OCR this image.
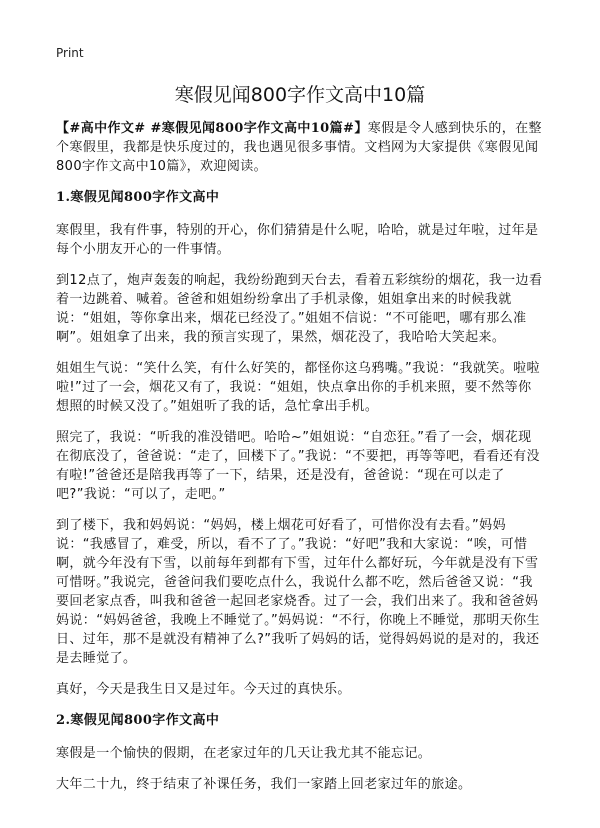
Print
寒假见闻800字作文高中10篇

【#高中作文# #寒假见闻800字作文高中10篇#】寒假是令人感到快乐的，在整个寒假里，我都是快乐度过的，我也遇见很多事情。文档网为大家提供《寒假见闻800字作文高中10篇》，欢迎阅读。

1.寒假见闻800字作文高中

寒假里，我有件事，特别的开心，你们猜猜是什么呢，哈哈，就是过年啦，过年是每个小朋友开心的一件事情。

到12点了，炮声轰轰的响起，我纷纷跑到天台去，看着五彩缤纷的烟花，我一边看着一边跳着、喊着。爸爸和姐姐纷纷拿出了手机录像，姐姐拿出来的时候我就说：“姐姐，等你拿出来，烟花已经没了。”姐姐不信说：“不可能吧，哪有那么准啊”。姐姐拿了出来，我的预言实现了，果然，烟花没了，我哈哈大笑起来。

姐姐生气说：“笑什么笑，有什么好笑的，都怪你这乌鸦嘴。”我说：“我就笑。啦啦啦!”过了一会，烟花又有了，我说：“姐姐，快点拿出你的手机来照，要不然等你想照的时候又没了。”姐姐听了我的话，急忙拿出手机。

照完了，我说：“听我的准没错吧。哈哈~”姐姐说：“自恋狂。”看了一会，烟花现在彻底没了，爸爸说：“走了，回楼下了。”我说：“不要把，再等等吧，看看还有没有啦!”爸爸还是陪我再等了一下，结果，还是没有，爸爸说：“现在可以走了吧?”我说：“可以了，走吧。”

到了楼下，我和妈妈说：“妈妈，楼上烟花可好看了，可惜你没有去看。”妈妈说：“我感冒了，难受，所以，看不了了。”我说：“好吧”我和大家说：“唉，可惜啊，就今年没有下雪，以前每年到都有下雪，过年什么都好玩，今年就是没有下雪可惜呀。”我说完，爸爸问我们要吃点什么，我说什么都不吃，然后爸爸又说：“我要回老家点香，叫我和爸爸一起回老家烧香。过了一会，我们出来了。我和爸爸妈妈说：“妈妈爸爸，我晚上不睡觉了。”妈妈说：“不行，你晚上不睡觉，那明天你生日、过年，那不是就没有精神了么?”我听了妈妈的话，觉得妈妈说的是对的，我还是去睡觉了。

真好，今天是我生日又是过年。今天过的真快乐。

2.寒假见闻800字作文高中

寒假是一个愉快的假期，在老家过年的几天让我尤其不能忘记。

大年二十九，终于结束了补课任务，我们一家踏上回老家过年的旅途。
